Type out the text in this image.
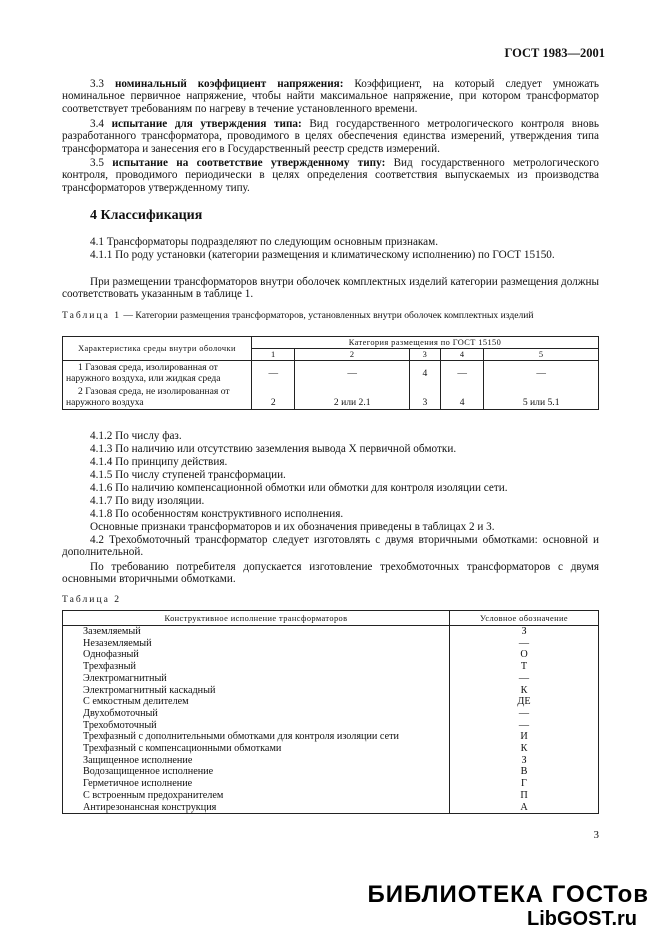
ГОСТ 1983—2001
3.3 номинальный коэффициент напряжения: Коэффициент, на который следует умножать номинальное первичное напряжение, чтобы найти максимальное напряжение, при котором трансформатор соответствует требованиям по нагреву в течение установленного времени.
3.4 испытание для утверждения типа: Вид государственного метрологического контроля вновь разработанного трансформатора, проводимого в целях обеспечения единства измерений, утверждения типа трансформатора и занесения его в Государственный реестр средств измерений.
3.5 испытание на соответствие утвержденному типу: Вид государственного метрологического контроля, проводимого периодически в целях определения соответствия выпускаемых из производства трансформаторов утвержденному типу.
4 Классификация
4.1 Трансформаторы подразделяют по следующим основным признакам.
4.1.1 По роду установки (категории размещения и климатическому исполнению) по ГОСТ 15150.
При размещении трансформаторов внутри оболочек комплектных изделий категории размещения должны соответствовать указанным в таблице 1.
Таблица 1 — Категории размещения трансформаторов, установленных внутри оболочек комплектных изделий
Характеристика среды внутри оболочки	Категория размещения по ГОСТ 15150				
	1	2	3	4	5
1 Газовая среда, изолированная от наружного воздуха, или жидкая среда	—	—	4	—	—
2 Газовая среда, не изолированная от наружного воздуха	2	2 или 2.1	3	4	5 или 5.1
4.1.2 По числу фаз.
4.1.3 По наличию или отсутствию заземления вывода X первичной обмотки.
4.1.4 По принципу действия.
4.1.5 По числу ступеней трансформации.
4.1.6 По наличию компенсационной обмотки или обмотки для контроля изоляции сети.
4.1.7 По виду изоляции.
4.1.8 По особенностям конструктивного исполнения.
Основные признаки трансформаторов и их обозначения приведены в таблицах 2 и 3.
4.2 Трехобмоточный трансформатор следует изготовлять с двумя вторичными обмотками: основной и дополнительной.
По требованию потребителя допускается изготовление трехобмоточных трансформаторов с двумя основными вторичными обмотками.
Таблица 2
Конструктивное исполнение трансформаторов	Условное обозначение
Заземляемый	З
Незаземляемый	—
Однофазный	О
Трехфазный	Т
Электромагнитный	—
Электромагнитный каскадный	К
С емкостным делителем	ДЕ
Двухобмоточный	—
Трехобмоточный	—
Трехфазный с дополнительными обмотками для контроля изоляции сети	И
Трехфазный с компенсационными обмотками	К
Защищенное исполнение	З
Водозащищенное исполнение	В
Герметичное исполнение	Г
С встроенным предохранителем	П
Антирезонансная конструкция	А
3
БИБЛИОТЕКА ГОСТов
LibGOST.ru
